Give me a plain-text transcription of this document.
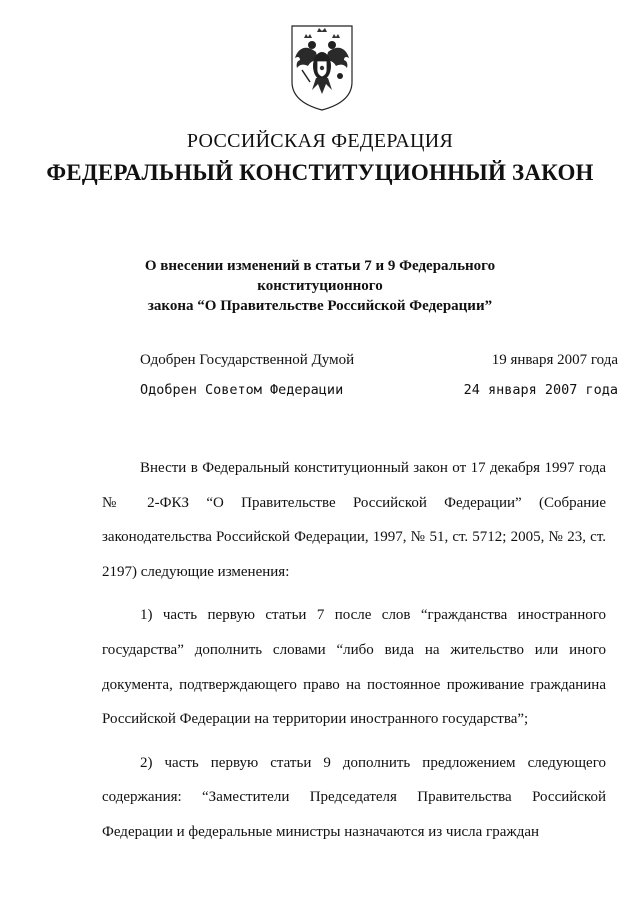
РОССИЙСКАЯ ФЕДЕРАЦИЯ
ФЕДЕРАЛЬНЫЙ КОНСТИТУЦИОННЫЙ ЗАКОН
О внесении изменений в статьи 7 и 9 Федерального конституционного
закона “О Правительстве Российской Федерации”
Одобрен Государственной Думой	19 января 2007 года
Одобрен Советом Федерации	24 января 2007 года

Внести в Федеральный конституционный закон от 17 декабря 1997 года № 2-ФКЗ “О Правительстве Российской Федерации” (Собрание законодательства Российской Федерации, 1997, № 51, ст. 5712; 2005, № 23, ст. 2197) следующие изменения:

1) часть первую статьи 7 после слов “гражданства иностранного государства” дополнить словами “либо вида на жительство или иного документа, подтверждающего право на постоянное проживание гражданина Российской Федерации на территории иностранного государства”;

2) часть первую статьи 9 дополнить предложением следующего содержания: “Заместители Председателя Правительства Российской Федерации и федеральные министры назначаются из числа граждан
